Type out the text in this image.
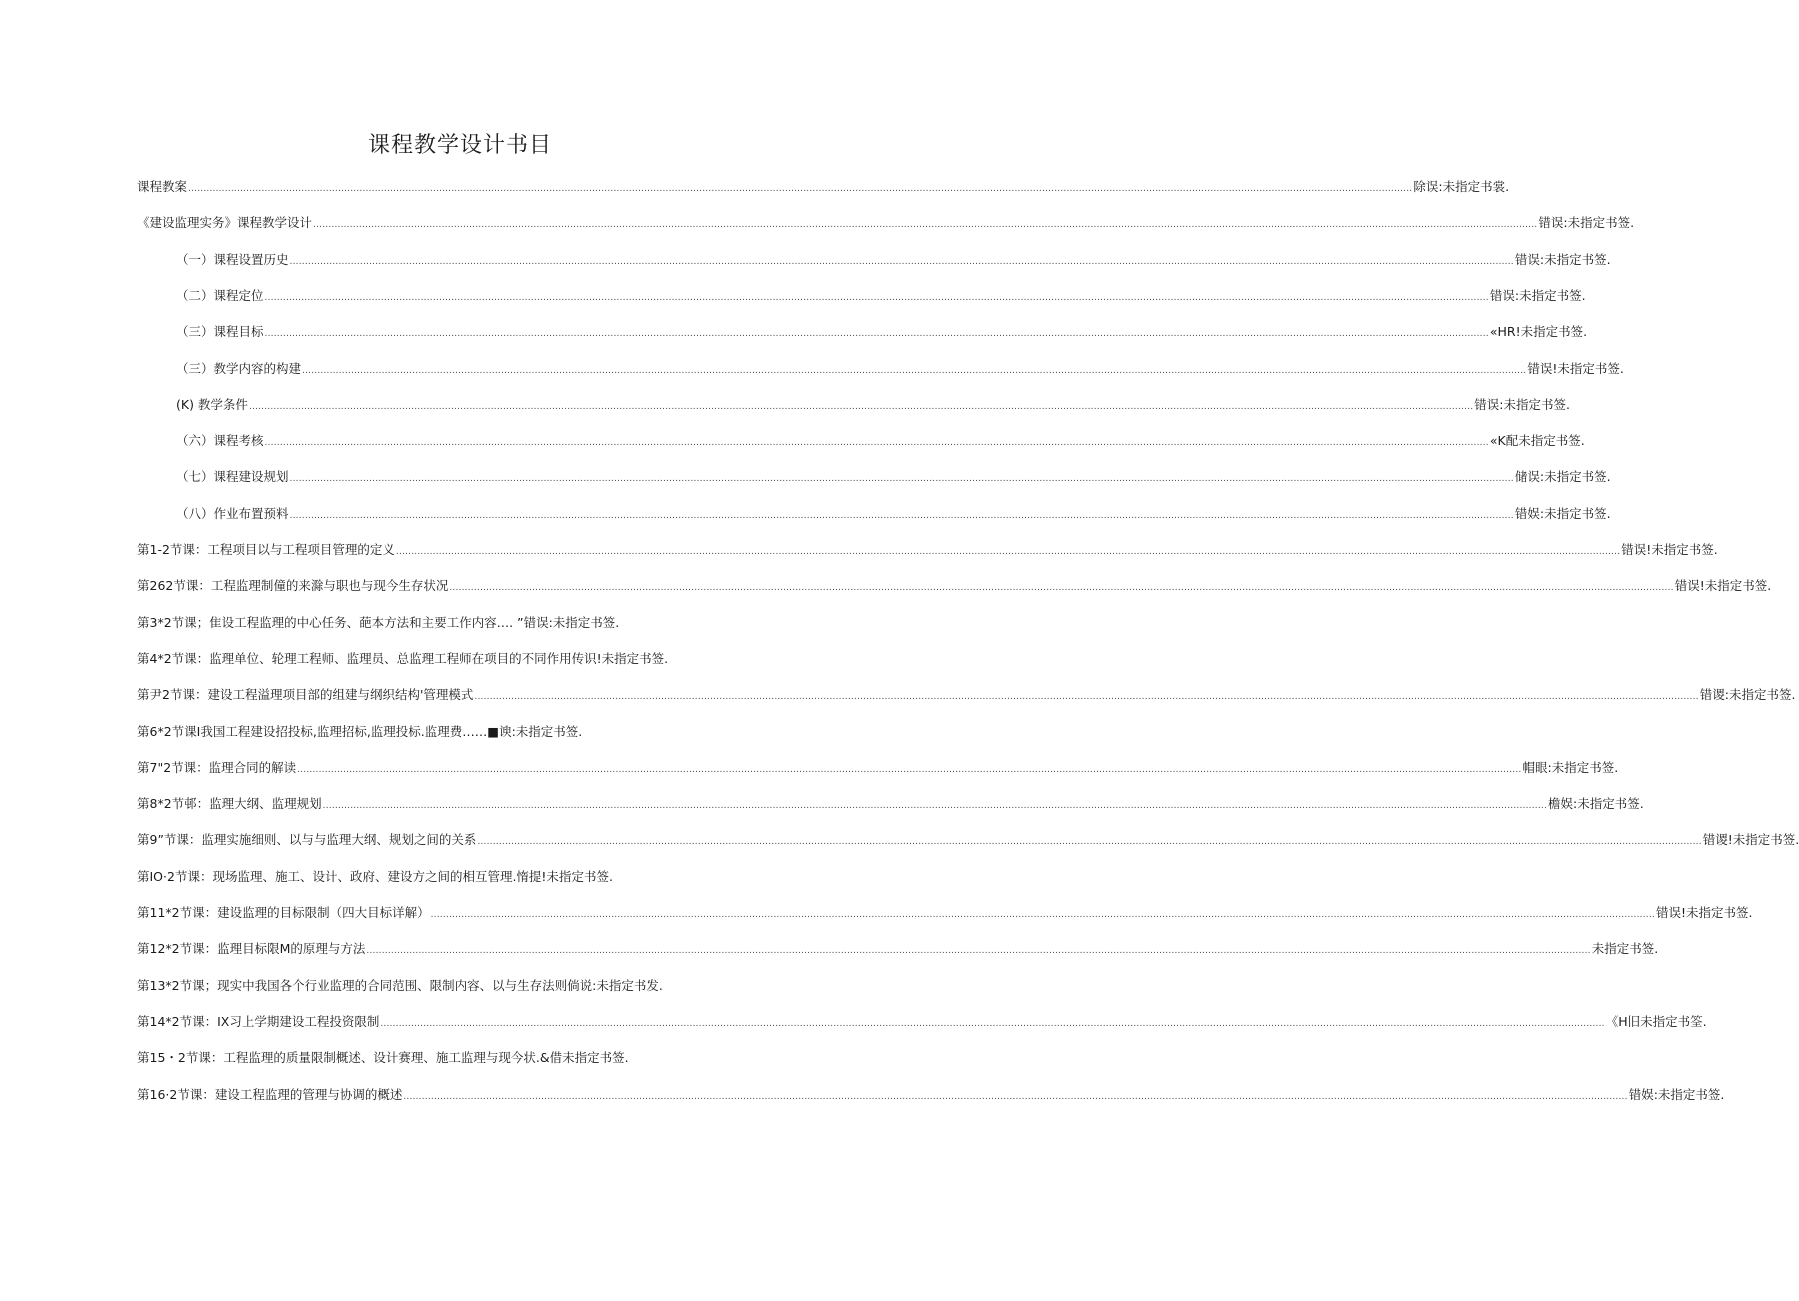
课程教学设计书目
课程教案 ................................................................................................................................................................................................................................................................................................................................................................................................................ 除误:未指定书裳.
《建设监理实务》课程教学设计 ................................................................................................................................................................................................................................................................................................................................................................................................................ 错误:未指定书签.
（一）课程设置历史 ................................................................................................................................................................................................................................................................................................................................................................................................................ 错误:未指定书签.
（二）课程定位 ................................................................................................................................................................................................................................................................................................................................................................................................................ 错误:未指定书签.
（三）课程目标 ................................................................................................................................................................................................................................................................................................................................................................................................................ «HR!未指定书签.
（三）教学内容的构建 ................................................................................................................................................................................................................................................................................................................................................................................................................ 错误!未指定书签.
(K) 教学条件 ................................................................................................................................................................................................................................................................................................................................................................................................................ 错误:未指定书签.
（六）课程考核 ................................................................................................................................................................................................................................................................................................................................................................................................................ «K配未指定书签.
（七）课程建设规划 ................................................................................................................................................................................................................................................................................................................................................................................................................ 储误:未指定书签.
（八）作业布置预料 ................................................................................................................................................................................................................................................................................................................................................................................................................ 错娱:未指定书签.
第1-2节课：工程项目以与工程项目管理的定义 ................................................................................................................................................................................................................................................................................................................................................................................................................ 错误!未指定书签.
第262节课：工程监理制僮的来滁与职也与现今生存状况 ................................................................................................................................................................................................................................................................................................................................................................................................................ 错误!未指定书签.
第3*2节课；隹设工程监理的中心任务、葩本方法和主要工作内容…. ”错误:未指定书签.
第4*2节课：监理单位、轮理工程师、监理员、总监理工程师在项目的不同作用传识!未指定书签.
第尹2节课：建设工程溢理项目部的组建与纲织结构'管理模式 ................................................................................................................................................................................................................................................................................................................................................................................................................ 错谡:未指定书签.
第6*2节课I我国工程建设招投标,监理招标,监理投标.监理费……■谀:未指定书签.
第7"2节课：监理合同的解读 ................................................................................................................................................................................................................................................................................................................................................................................................................ 帽眼:未指定书签.
第8*2节邨：监理大纲、监理规划 ................................................................................................................................................................................................................................................................................................................................................................................................................ 檐娱:未指定书签.
第9”节课：监理实施细则、以与与监理大纲、规划之间的关系 ................................................................................................................................................................................................................................................................................................................................................................................................................ 错谡!未指定书签.
第IO·2节课：现场监理、施工、设计、政府、建设方之间的相互管理.惰提!未指定书签.
第11*2节课：建设监理的目标限制（四大目标详解） ................................................................................................................................................................................................................................................................................................................................................................................................................ 错误!未指定书签.
第12*2节课：监理目标限M的原理与方法 ................................................................................................................................................................................................................................................................................................................................................................................................................ 未指定书签.
第13*2节课；现实中我国各个行业监理的合同范围、限制内容、以与生存法则倘说:未指定书发.
第14*2节课：IX习上学期建设工程投资限制 ................................................................................................................................................................................................................................................................................................................................................................................................................ 《H旧未指定书筌.
第15・2节课：工程监理的质量限制概述、设计赛理、施工监理与现今状.&借未指定书签.
第16·2节课：建设工程监理的管理与协调的概述 ................................................................................................................................................................................................................................................................................................................................................................................................................ 错娱:未指定书签.
